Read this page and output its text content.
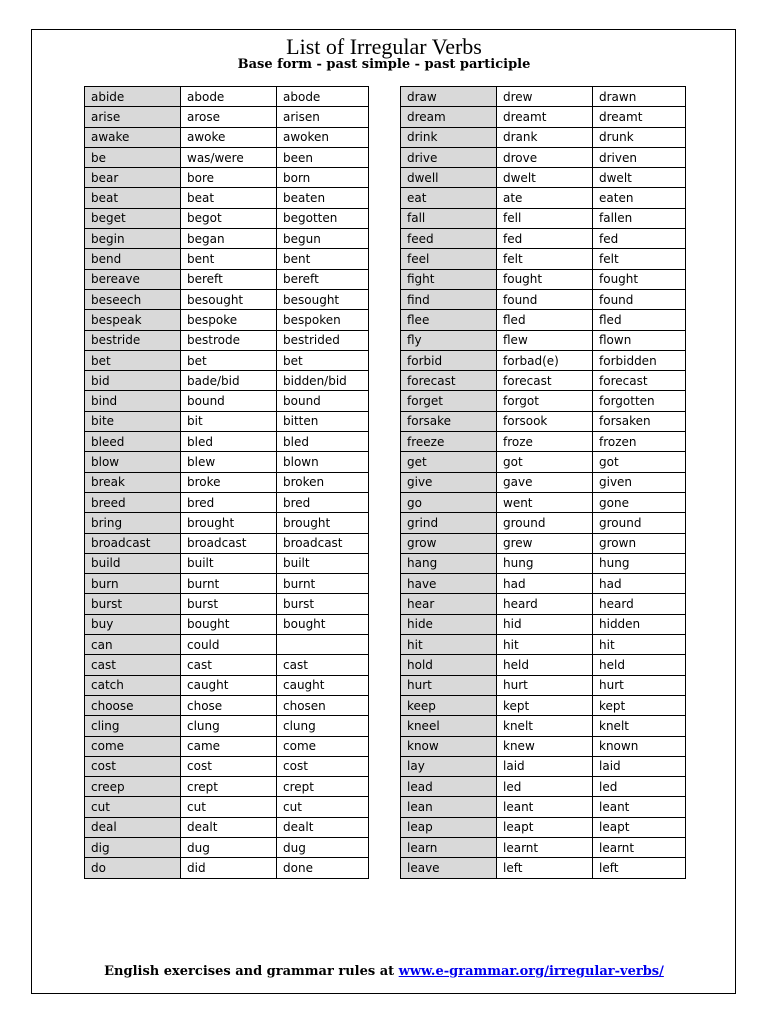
List of Irregular Verbs
Base form - past simple - past participle
abide	abode	abode
arise	arose	arisen
awake	awoke	awoken
be	was/were	been
bear	bore	born
beat	beat	beaten
beget	begot	begotten
begin	began	begun
bend	bent	bent
bereave	bereft	bereft
beseech	besought	besought
bespeak	bespoke	bespoken
bestride	bestrode	bestrided
bet	bet	bet
bid	bade/bid	bidden/bid
bind	bound	bound
bite	bit	bitten
bleed	bled	bled
blow	blew	blown
break	broke	broken
breed	bred	bred
bring	brought	brought
broadcast	broadcast	broadcast
build	built	built
burn	burnt	burnt
burst	burst	burst
buy	bought	bought
can	could	
cast	cast	cast
catch	caught	caught
choose	chose	chosen
cling	clung	clung
come	came	come
cost	cost	cost
creep	crept	crept
cut	cut	cut
deal	dealt	dealt
dig	dug	dug
do	did	done
draw	drew	drawn
dream	dreamt	dreamt
drink	drank	drunk
drive	drove	driven
dwell	dwelt	dwelt
eat	ate	eaten
fall	fell	fallen
feed	fed	fed
feel	felt	felt
fight	fought	fought
find	found	found
flee	fled	fled
fly	flew	flown
forbid	forbad(e)	forbidden
forecast	forecast	forecast
forget	forgot	forgotten
forsake	forsook	forsaken
freeze	froze	frozen
get	got	got
give	gave	given
go	went	gone
grind	ground	ground
grow	grew	grown
hang	hung	hung
have	had	had
hear	heard	heard
hide	hid	hidden
hit	hit	hit
hold	held	held
hurt	hurt	hurt
keep	kept	kept
kneel	knelt	knelt
know	knew	known
lay	laid	laid
lead	led	led
lean	leant	leant
leap	leapt	leapt
learn	learnt	learnt
leave	left	left
English exercises and grammar rules at www.e-grammar.org/irregular-verbs/
